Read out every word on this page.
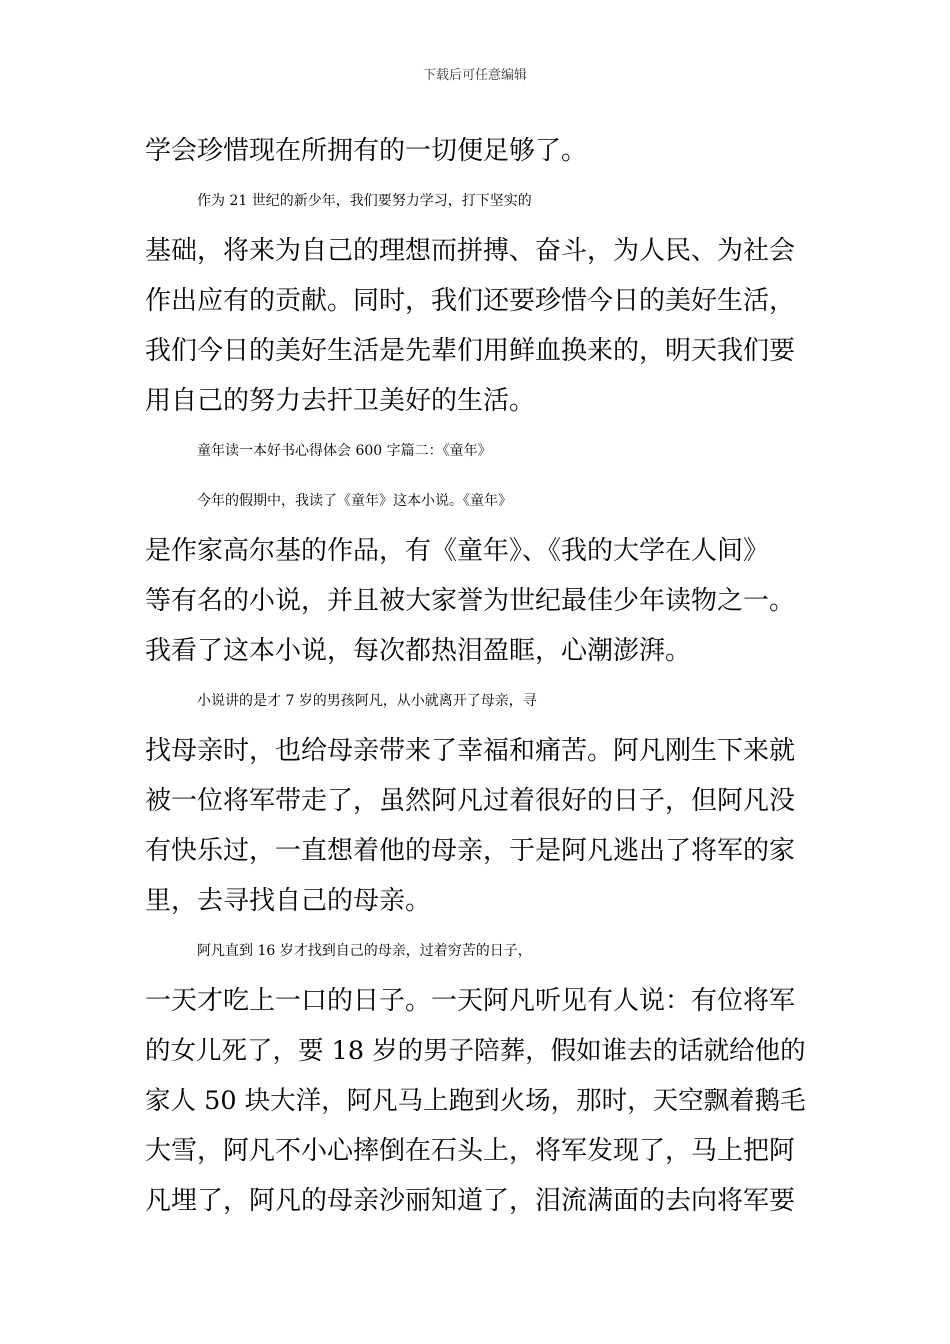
下载后可任意编辑
学会珍惜现在所拥有的一切便足够了。
作为 21 世纪的新少年，我们要努力学习，打下坚实的
基础，将来为自己的理想而拼搏、奋斗，为人民、为社会
作出应有的贡献。同时，我们还要珍惜今日的美好生活，
我们今日的美好生活是先辈们用鲜血换来的，明天我们要
用自己的努力去扞卫美好的生活。
童年读一本好书心得体会 600 字篇二：《童年》
今年的假期中，我读了《童年》这本小说。《童年》
是作家高尔基的作品，有《童年》、《我的大学在人间》
等有名的小说，并且被大家誉为世纪最佳少年读物之一。
我看了这本小说，每次都热泪盈眶，心潮澎湃。
小说讲的是才 7 岁的男孩阿凡，从小就离开了母亲，寻
找母亲时，也给母亲带来了幸福和痛苦。阿凡刚生下来就
被一位将军带走了，虽然阿凡过着很好的日子，但阿凡没
有快乐过，一直想着他的母亲，于是阿凡逃出了将军的家
里，去寻找自己的母亲。
阿凡直到 16 岁才找到自己的母亲，过着穷苦的日子，
一天才吃上一口的日子。一天阿凡听见有人说：有位将军
的女儿死了，要 18 岁的男子陪葬，假如谁去的话就给他的
家人 50 块大洋，阿凡马上跑到火场，那时，天空飘着鹅毛
大雪，阿凡不小心摔倒在石头上，将军发现了，马上把阿
凡埋了，阿凡的母亲沙丽知道了，泪流满面的去向将军要
